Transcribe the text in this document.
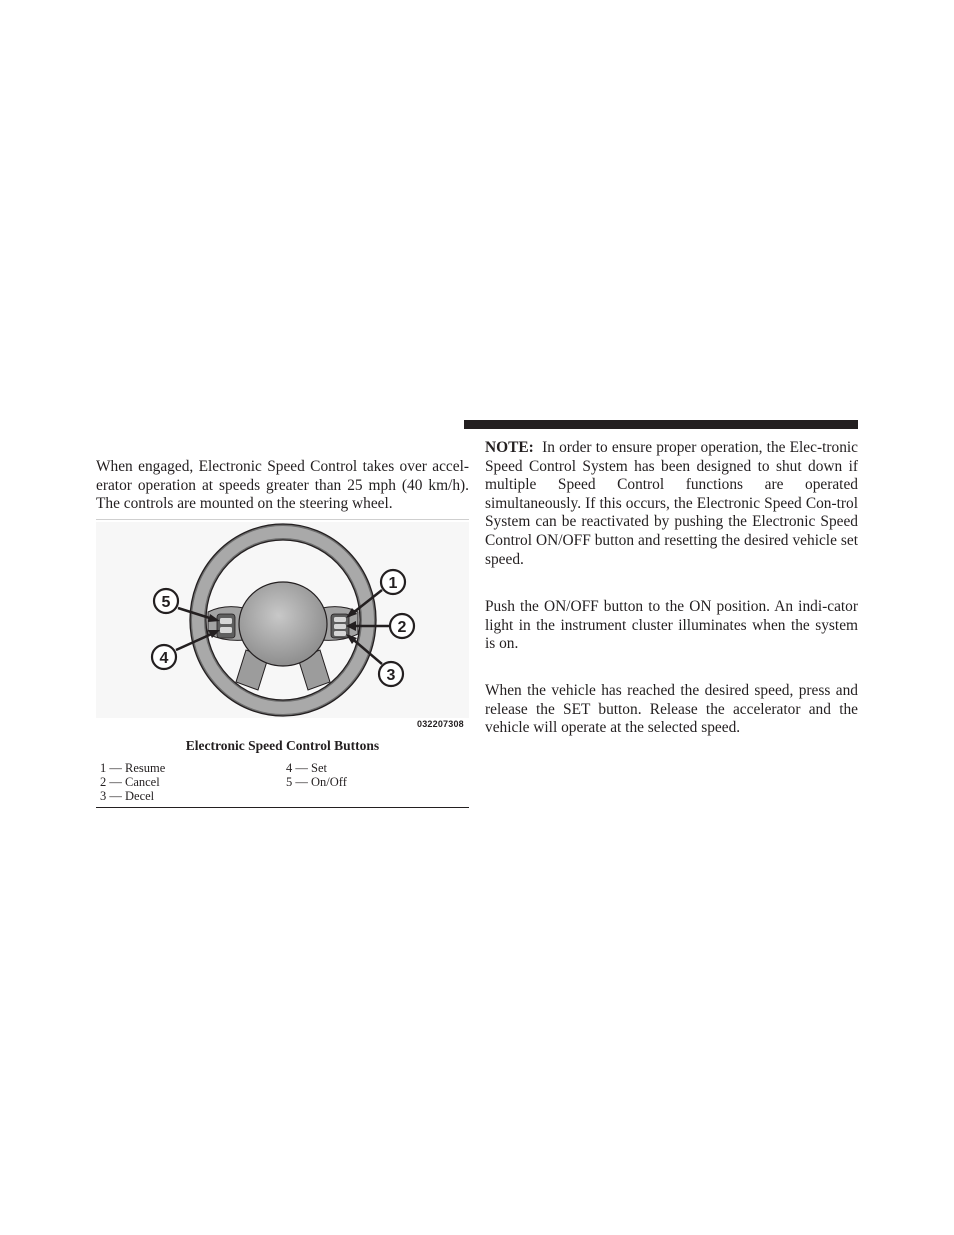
When engaged, Electronic Speed Control takes over accel-erator operation at speeds greater than 25 mph (40 km/h). The controls are mounted on the steering wheel.

5
4
1
2
3
032207308
Electronic Speed Control Buttons
1 — Resume
2 — Cancel
3 — Decel
4 — Set
5 — On/Off

NOTE: In order to ensure proper operation, the Elec-tronic Speed Control System has been designed to shut down if multiple Speed Control functions are operated simultaneously. If this occurs, the Electronic Speed Con-trol System can be reactivated by pushing the Electronic Speed Control ON/OFF button and resetting the desired vehicle set speed.

Push the ON/OFF button to the ON position. An indi-cator light in the instrument cluster illuminates when the system is on.

When the vehicle has reached the desired speed, press and release the SET button. Release the accelerator and the vehicle will operate at the selected speed.
